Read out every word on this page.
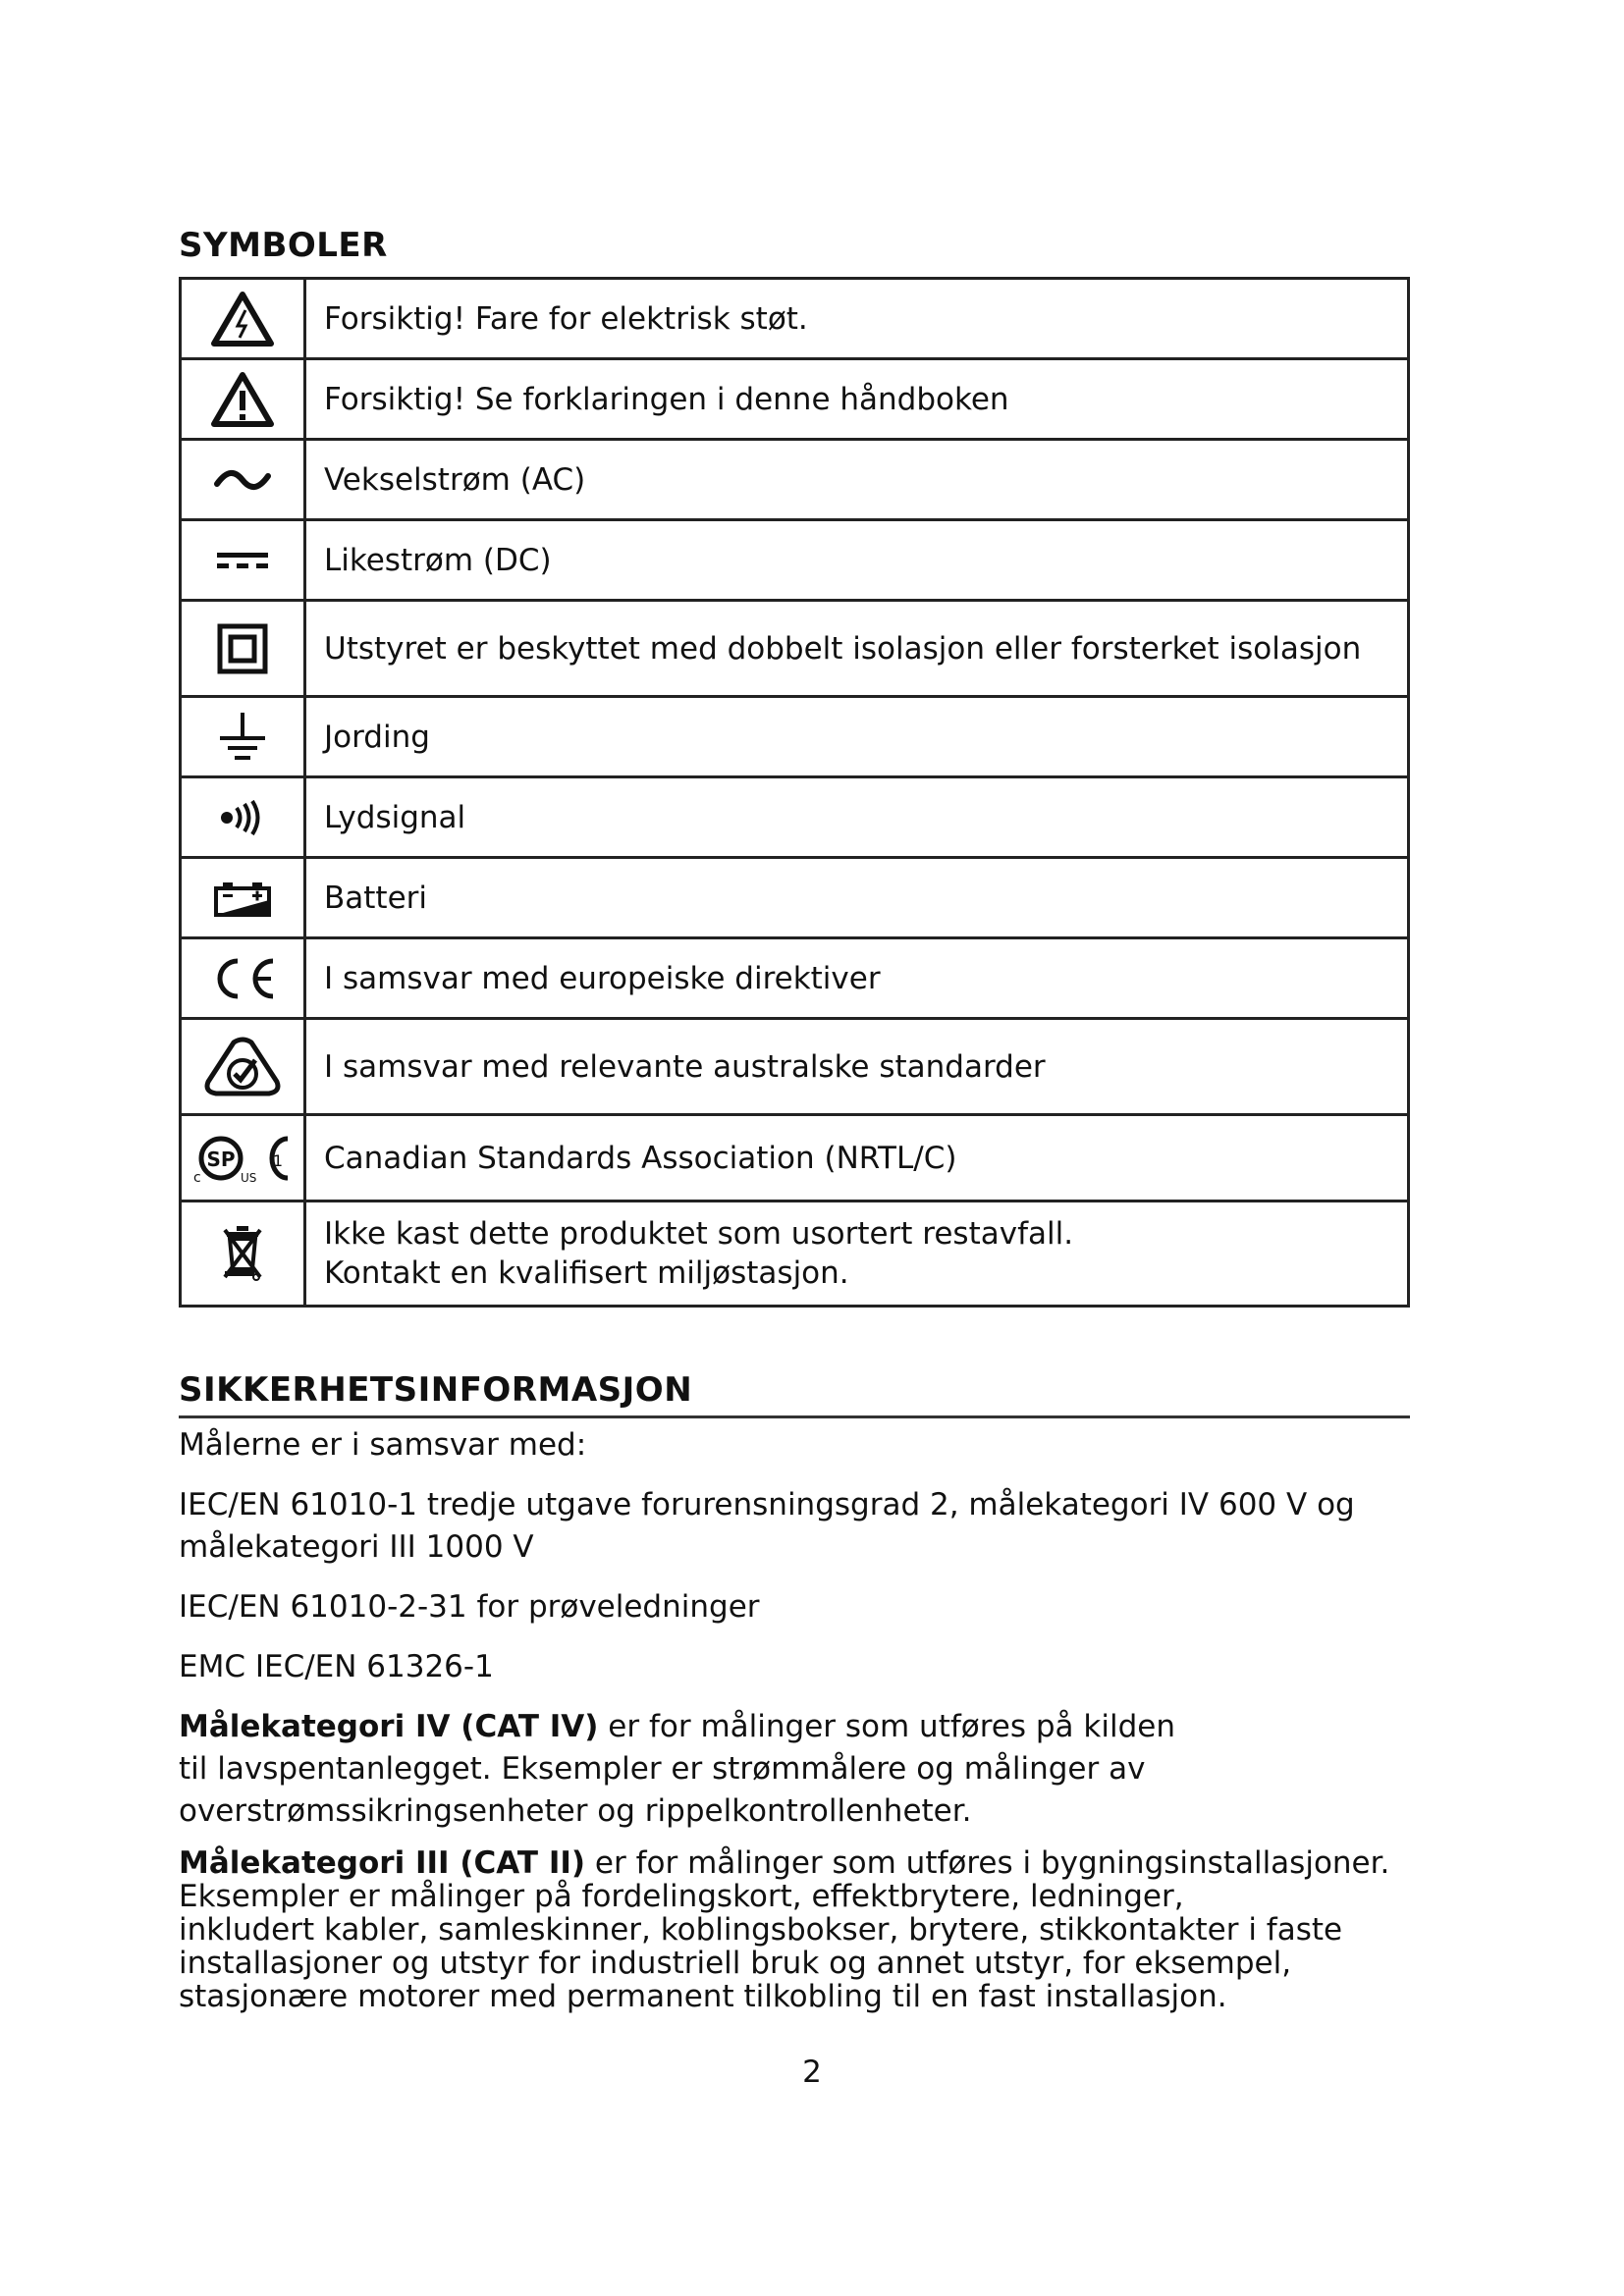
SYMBOLER
	Forsiktig! Fare for elektrisk støt.

	Forsiktig! Se forklaringen i denne håndboken

	Vekselstrøm (AC)

	Likestrøm (DC)

	Utstyret er beskyttet med dobbelt isolasjon eller forsterket isolasjon

	Jording

	Lydsignal

	Batteri

	I samsvar med europeiske direktiver

	I samsvar med relevante australske standarder

SP
c US
1	Canadian Standards Association (NRTL/C)

Ikke kast dette produktet som usortert restavfall.
Kontakt en kvalifisert miljøstasjon.
SIKKERHETSINFORMASJON

Målerne er i samsvar med:

IEC/EN 61010-1 tredje utgave forurensningsgrad 2, målekategori IV 600 V og

målekategori III 1000 V

IEC/EN 61010-2-31 for prøveledninger

EMC IEC/EN 61326-1

Målekategori IV (CAT IV) er for målinger som utføres på kilden

til lavspentanlegget. Eksempler er strømmålere og målinger av

overstrømssikringsenheter og rippelkontrollenheter.

Målekategori III (CAT II) er for målinger som utføres i bygningsinstallasjoner.

Eksempler er målinger på fordelingskort, effektbrytere, ledninger,

inkludert kabler, samleskinner, koblingsbokser, brytere, stikkontakter i faste

installasjoner og utstyr for industriell bruk og annet utstyr, for eksempel,

stasjonære motorer med permanent tilkobling til en fast installasjon.

2
